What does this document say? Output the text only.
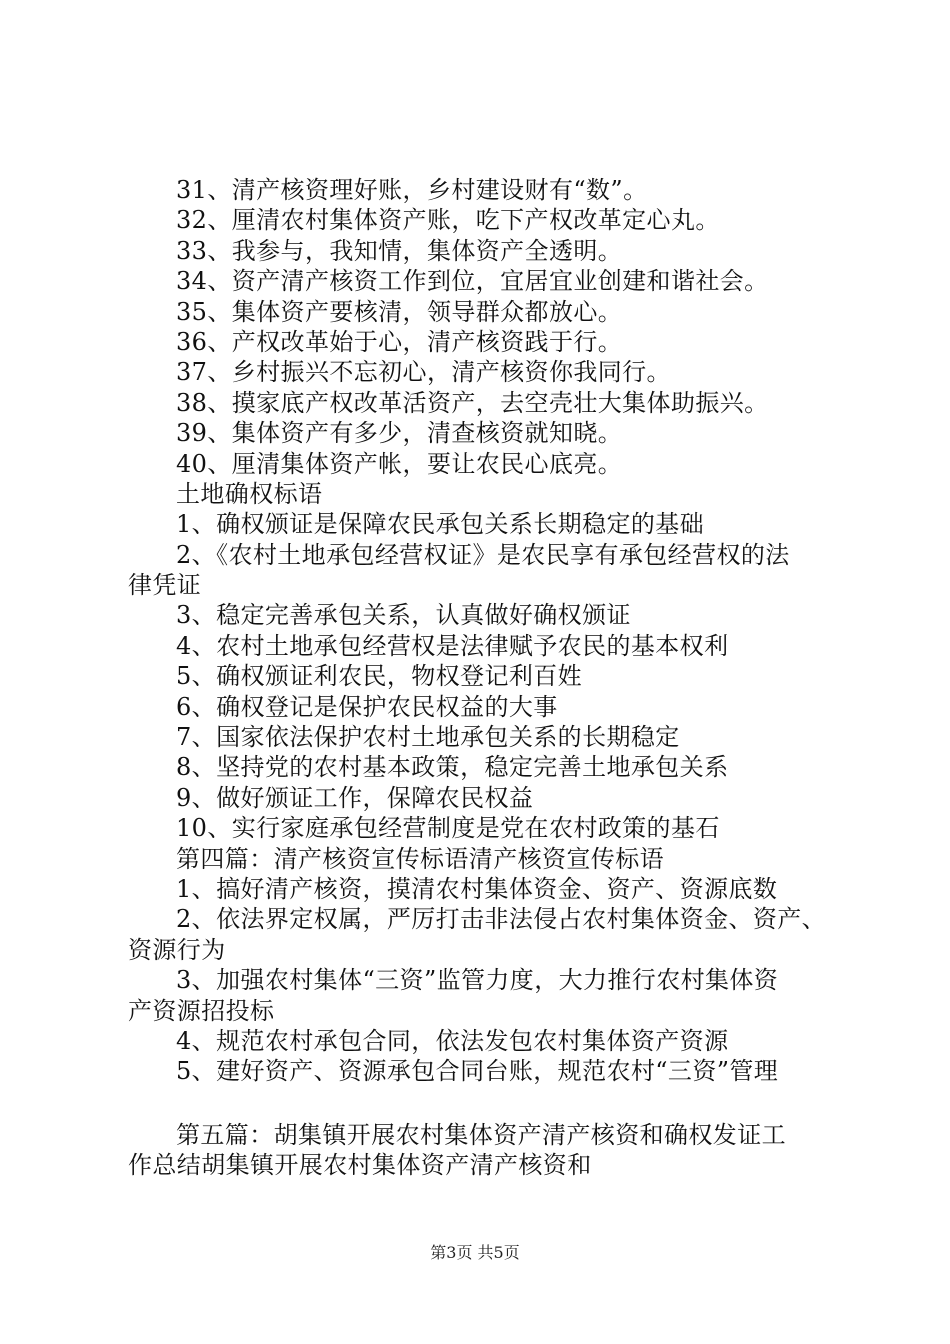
31、清产核资理好账，乡村建设财有“数”。
32、厘清农村集体资产账，吃下产权改革定心丸。
33、我参与，我知情，集体资产全透明。
34、资产清产核资工作到位，宜居宜业创建和谐社会。
35、集体资产要核清，领导群众都放心。
36、产权改革始于心，清产核资践于行。
37、乡村振兴不忘初心，清产核资你我同行。
38、摸家底产权改革活资产，去空壳壮大集体助振兴。
39、集体资产有多少，清查核资就知晓。
40、厘清集体资产帐，要让农民心底亮。
土地确权标语
1、确权颁证是保障农民承包关系长期稳定的基础
2、《农村土地承包经营权证》是农民享有承包经营权的法
律凭证
3、稳定完善承包关系，认真做好确权颁证
4、农村土地承包经营权是法律赋予农民的基本权利
5、确权颁证利农民，物权登记利百姓
6、确权登记是保护农民权益的大事
7、国家依法保护农村土地承包关系的长期稳定
8、坚持党的农村基本政策，稳定完善土地承包关系
9、做好颁证工作，保障农民权益
10、实行家庭承包经营制度是党在农村政策的基石
第四篇：清产核资宣传标语清产核资宣传标语
1、搞好清产核资，摸清农村集体资金、资产、资源底数
2、依法界定权属，严厉打击非法侵占农村集体资金、资产、
资源行为
3、加强农村集体“三资”监管力度，大力推行农村集体资
产资源招投标
4、规范农村承包合同，依法发包农村集体资产资源
5、建好资产、资源承包合同台账，规范农村“三资”管理
第五篇：胡集镇开展农村集体资产清产核资和确权发证工
作总结胡集镇开展农村集体资产清产核资和
第3页 共5页
